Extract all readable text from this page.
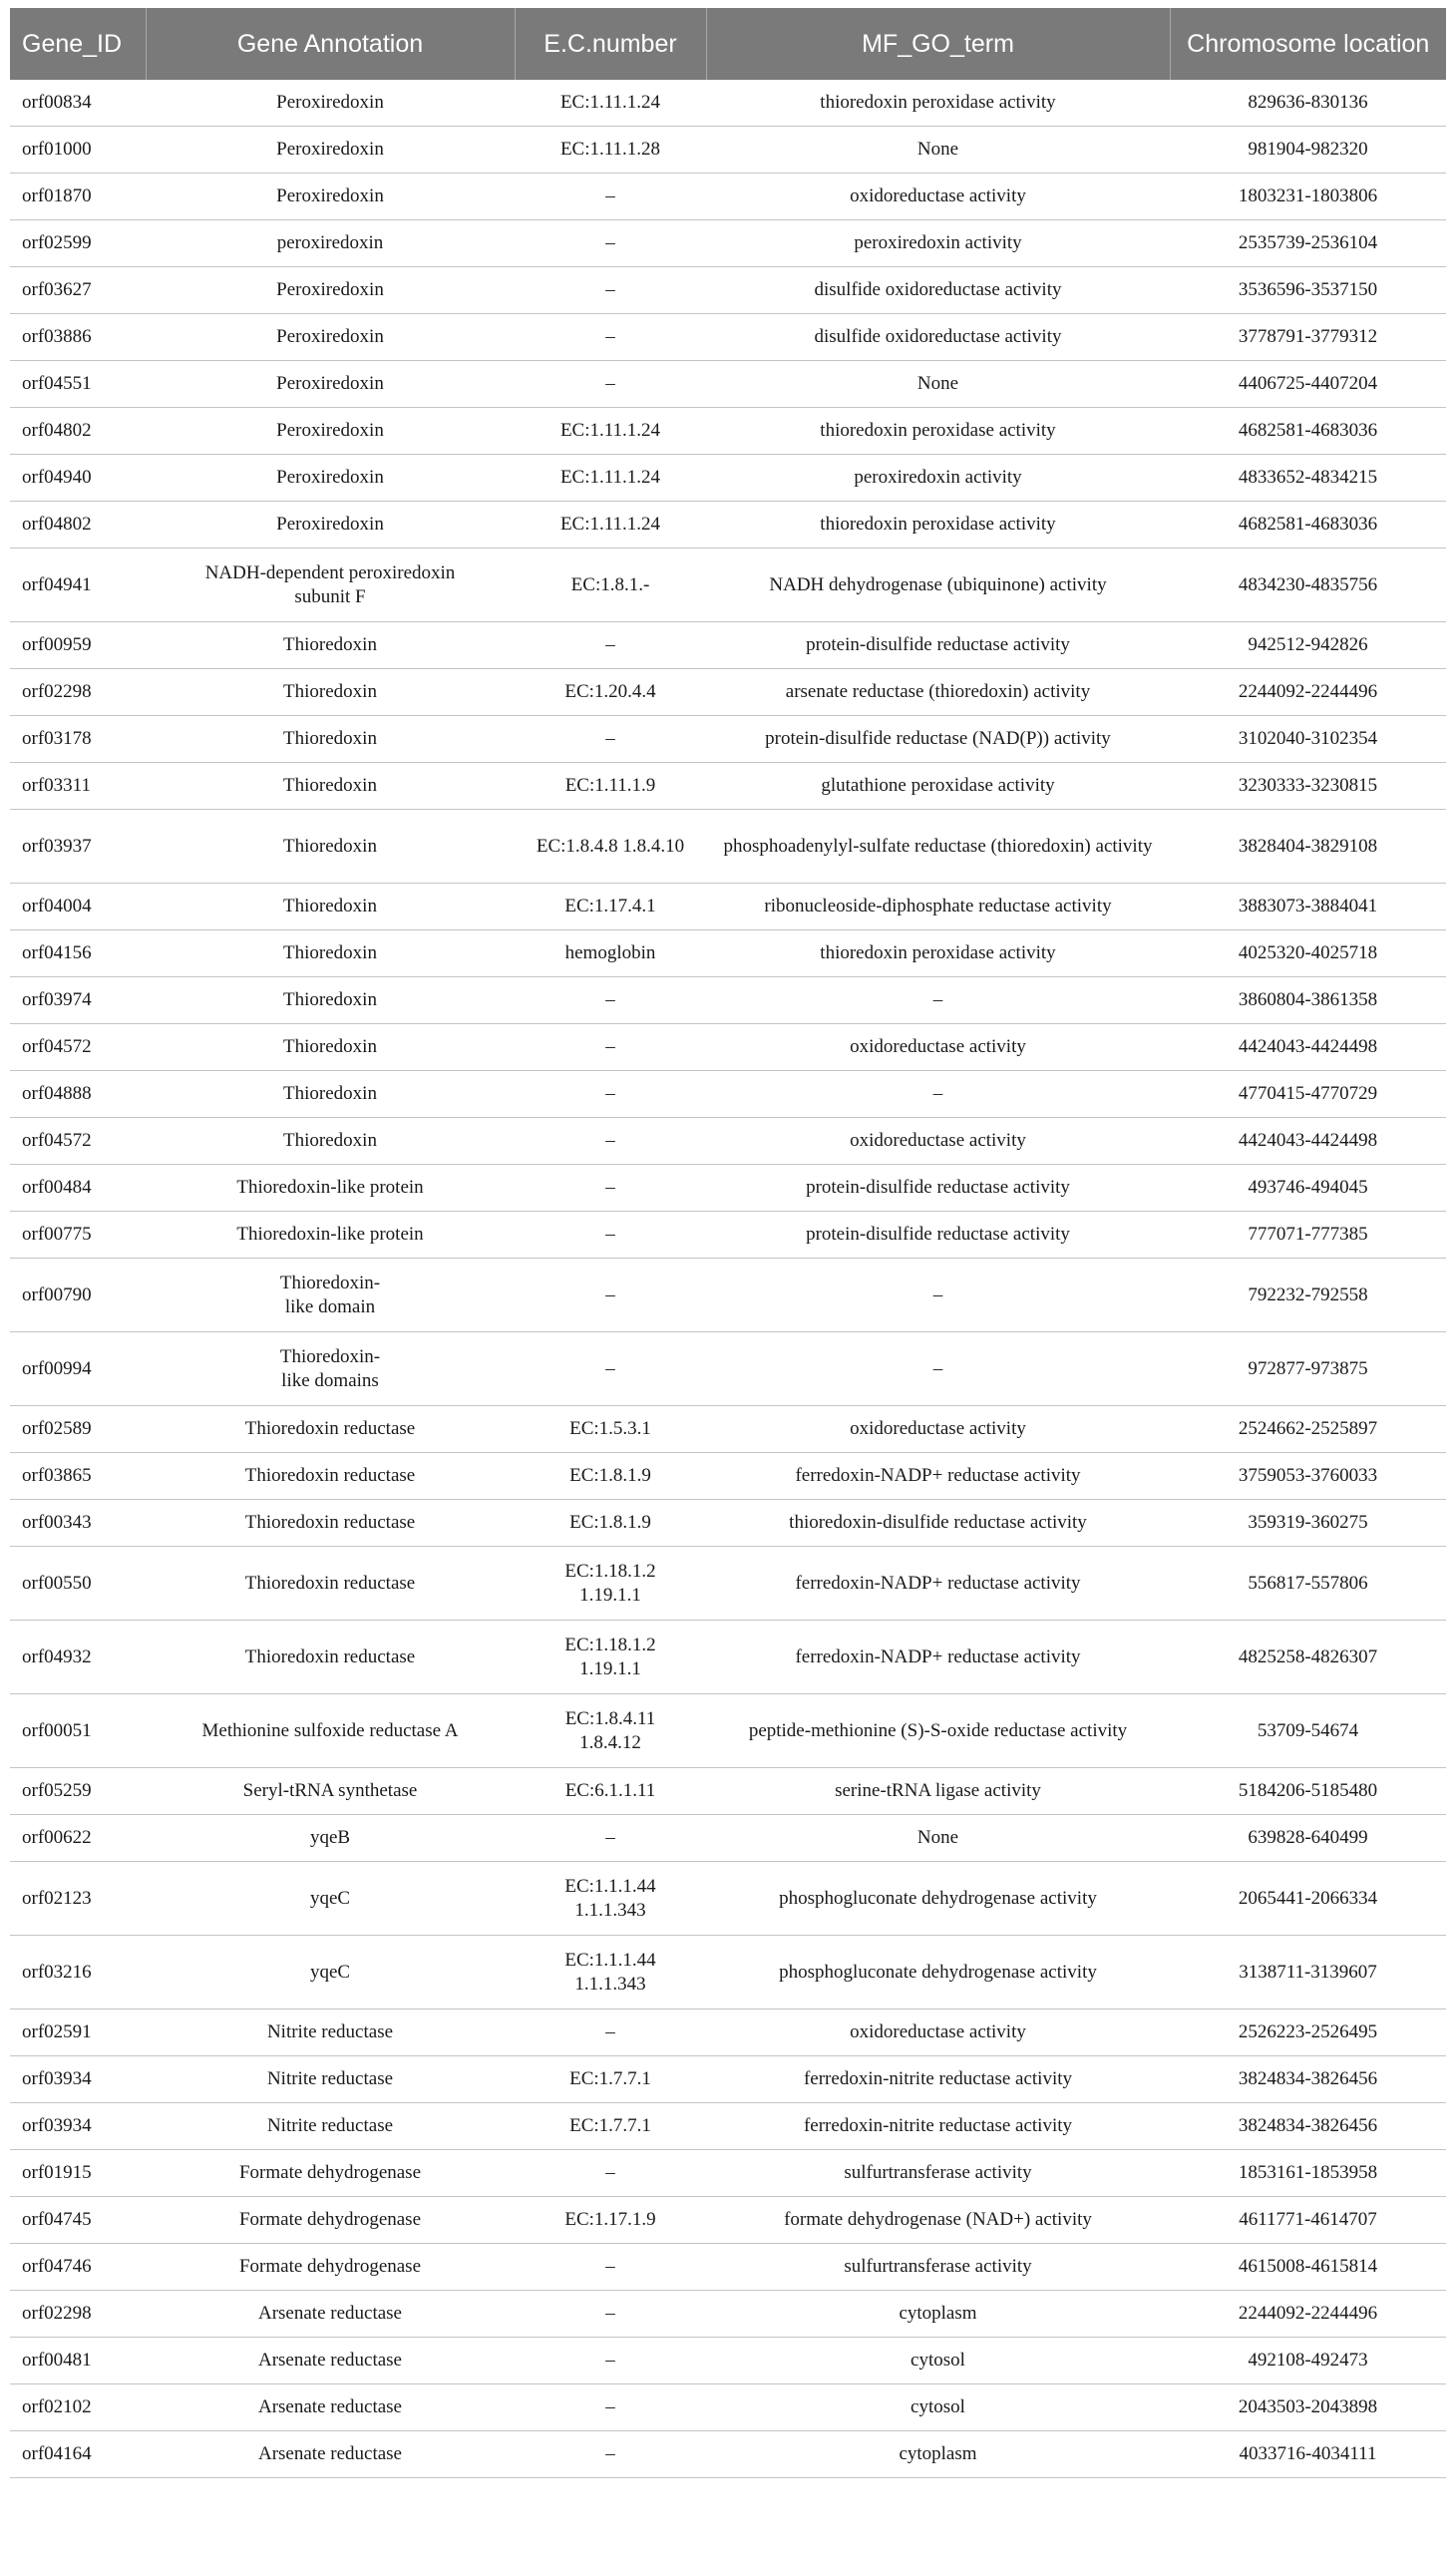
Gene_ID	Gene Annotation	E.C.number	MF_GO_term	Chromosome location
orf00834	Peroxiredoxin	EC:1.11.1.24	thioredoxin peroxidase activity	829636-830136
orf01000	Peroxiredoxin	EC:1.11.1.28	None	981904-982320
orf01870	Peroxiredoxin	–	oxidoreductase activity	1803231-1803806
orf02599	peroxiredoxin	–	peroxiredoxin activity	2535739-2536104
orf03627	Peroxiredoxin	–	disulfide oxidoreductase activity	3536596-3537150
orf03886	Peroxiredoxin	–	disulfide oxidoreductase activity	3778791-3779312
orf04551	Peroxiredoxin	–	None	4406725-4407204
orf04802	Peroxiredoxin	EC:1.11.1.24	thioredoxin peroxidase activity	4682581-4683036
orf04940	Peroxiredoxin	EC:1.11.1.24	peroxiredoxin activity	4833652-4834215
orf04802	Peroxiredoxin	EC:1.11.1.24	thioredoxin peroxidase activity	4682581-4683036
orf04941	NADH-dependent peroxiredoxin
subunit F	EC:1.8.1.-	NADH dehydrogenase (ubiquinone) activity	4834230-4835756
orf00959	Thioredoxin	–	protein-disulfide reductase activity	942512-942826
orf02298	Thioredoxin	EC:1.20.4.4	arsenate reductase (thioredoxin) activity	2244092-2244496
orf03178	Thioredoxin	–	protein-disulfide reductase (NAD(P)) activity	3102040-3102354
orf03311	Thioredoxin	EC:1.11.1.9	glutathione peroxidase activity	3230333-3230815
orf03937	Thioredoxin	EC:1.8.4.8 1.8.4.10	phosphoadenylyl-sulfate reductase (thioredoxin) activity	3828404-3829108
orf04004	Thioredoxin	EC:1.17.4.1	ribonucleoside-diphosphate reductase activity	3883073-3884041
orf04156	Thioredoxin	hemoglobin	thioredoxin peroxidase activity	4025320-4025718
orf03974	Thioredoxin	–	–	3860804-3861358
orf04572	Thioredoxin	–	oxidoreductase activity	4424043-4424498
orf04888	Thioredoxin	–	–	4770415-4770729
orf04572	Thioredoxin	–	oxidoreductase activity	4424043-4424498
orf00484	Thioredoxin-like protein	–	protein-disulfide reductase activity	493746-494045
orf00775	Thioredoxin-like protein	–	protein-disulfide reductase activity	777071-777385
orf00790	Thioredoxin-
like domain	–	–	792232-792558
orf00994	Thioredoxin-
like domains	–	–	972877-973875
orf02589	Thioredoxin reductase	EC:1.5.3.1	oxidoreductase activity	2524662-2525897
orf03865	Thioredoxin reductase	EC:1.8.1.9	ferredoxin-NADP+ reductase activity	3759053-3760033
orf00343	Thioredoxin reductase	EC:1.8.1.9	thioredoxin-disulfide reductase activity	359319-360275
orf00550	Thioredoxin reductase	EC:1.18.1.2
1.19.1.1	ferredoxin-NADP+ reductase activity	556817-557806
orf04932	Thioredoxin reductase	EC:1.18.1.2
1.19.1.1	ferredoxin-NADP+ reductase activity	4825258-4826307
orf00051	Methionine sulfoxide reductase A	EC:1.8.4.11
1.8.4.12	peptide-methionine (S)-S-oxide reductase activity	53709-54674
orf05259	Seryl-tRNA synthetase	EC:6.1.1.11	serine-tRNA ligase activity	5184206-5185480
orf00622	yqeB	–	None	639828-640499
orf02123	yqeC	EC:1.1.1.44
1.1.1.343	phosphogluconate dehydrogenase activity	2065441-2066334
orf03216	yqeC	EC:1.1.1.44
1.1.1.343	phosphogluconate dehydrogenase activity	3138711-3139607
orf02591	Nitrite reductase	–	oxidoreductase activity	2526223-2526495
orf03934	Nitrite reductase	EC:1.7.7.1	ferredoxin-nitrite reductase activity	3824834-3826456
orf03934	Nitrite reductase	EC:1.7.7.1	ferredoxin-nitrite reductase activity	3824834-3826456
orf01915	Formate dehydrogenase	–	sulfurtransferase activity	1853161-1853958
orf04745	Formate dehydrogenase	EC:1.17.1.9	formate dehydrogenase (NAD+) activity	4611771-4614707
orf04746	Formate dehydrogenase	–	sulfurtransferase activity	4615008-4615814
orf02298	Arsenate reductase	–	cytoplasm	2244092-2244496
orf00481	Arsenate reductase	–	cytosol	492108-492473
orf02102	Arsenate reductase	–	cytosol	2043503-2043898
orf04164	Arsenate reductase	–	cytoplasm	4033716-4034111
